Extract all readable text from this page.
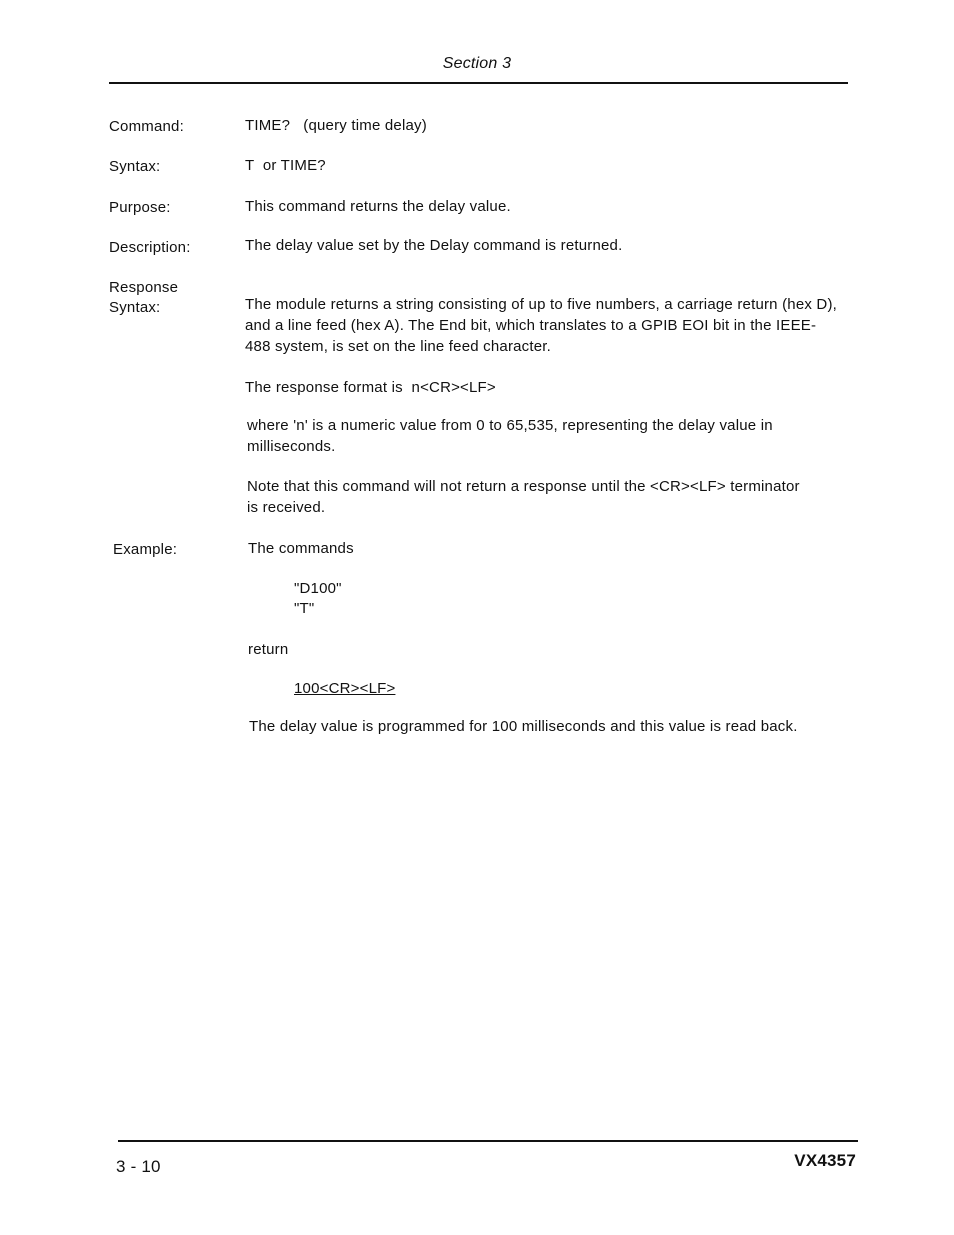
Section 3
Command:	TIME?   (query time delay)
Syntax:	T  or TIME?
Purpose:	This command returns the delay value.
Description:	The delay value set by the Delay command is returned.
Response
Syntax:	The module returns a string consisting of up to five numbers, a carriage return (hex D), and a line feed (hex A). The End bit, which translates to a GPIB EOI bit in the IEEE-488 system, is set on the line feed character.
The response format is  n<CR><LF>
where 'n' is a numeric value from 0 to 65,535, representing the delay value in milliseconds.
Note that this command will not return a response until the <CR><LF> terminator is received.
Example:	The commands
"D100"
"T"
return
100<CR><LF>
The delay value is programmed for 100 milliseconds and this value is read back.
3 - 10	VX4357
